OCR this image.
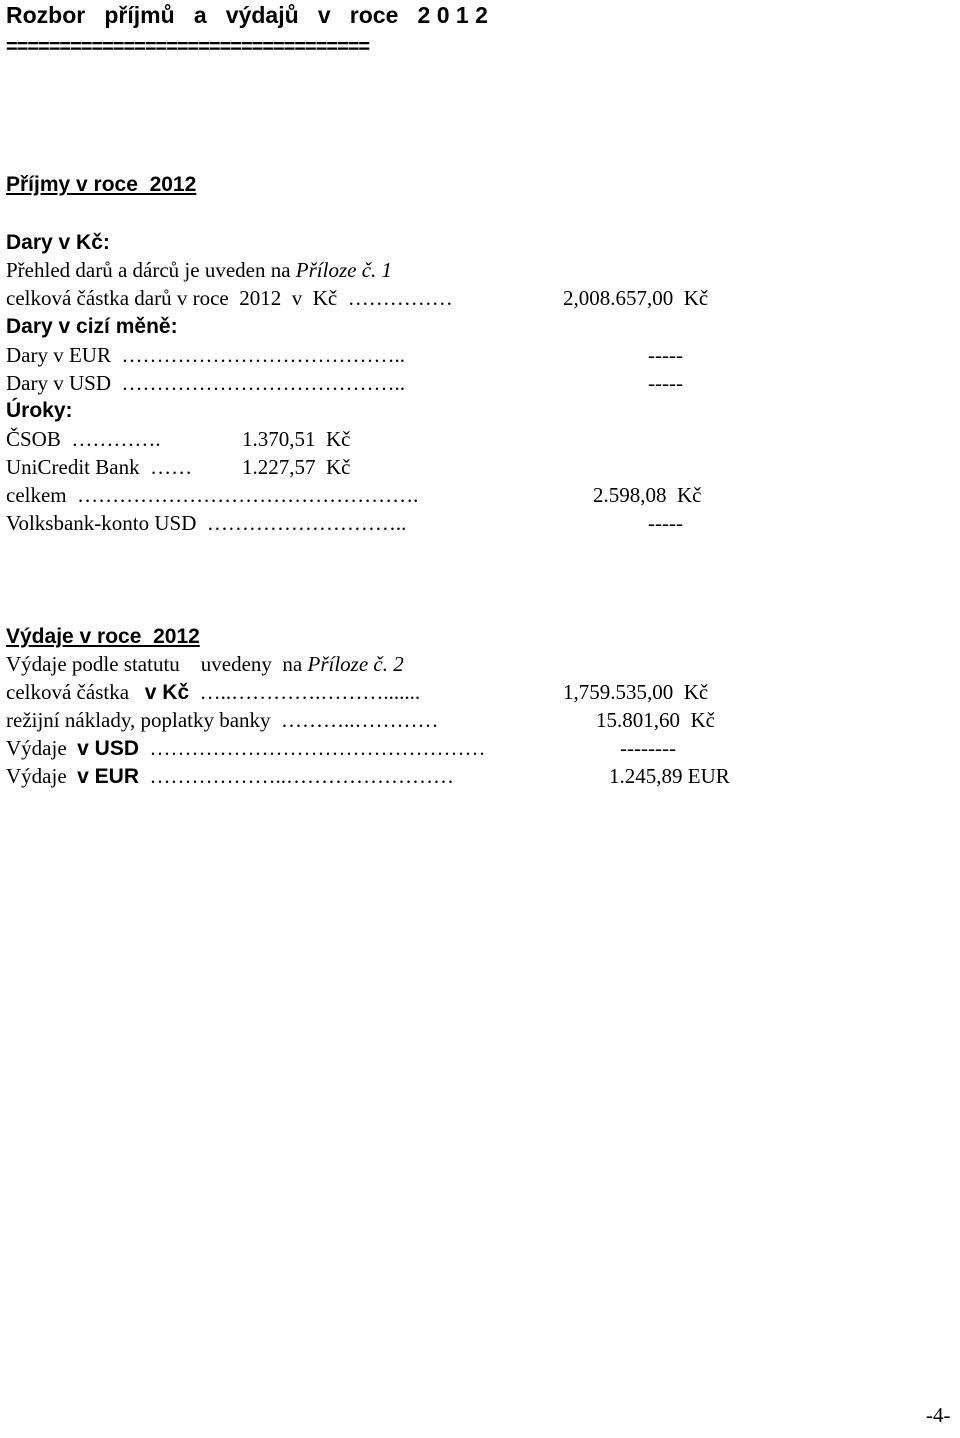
Rozbor   příjmů   a   výdajů   v   roce   2 0 1 2
==================================
Příjmy v roce  2012
Dary v Kč:
Přehled darů a dárců je uveden na Příloze č. 1
celková částka darů v roce  2012  v  Kč  ……………	2,008.657,00  Kč
Dary v cizí měně:
Dary v EUR  …………………………………..	-----
Dary v USD  …………………………………..	-----
Úroky:
ČSOB  ………….	1.370,51  Kč
UniCredit Bank  …… 1.227,57  Kč
celkem  ………………………………………….	2.598,08  Kč
Volksbank-konto USD  ………………………..	-----
Výdaje v roce  2012
Výdaje podle statutu    uvedeny  na Příloze č. 2
celková částka   v Kč  …..………….……….......	1,759.535,00  Kč
režijní náklady, poplatky banky  ………..…………	15.801,60  Kč
Výdaje  v USD  …………………………………………	--------
Výdaje  v EUR  ………………..……………………	1.245,89 EUR
-4-
